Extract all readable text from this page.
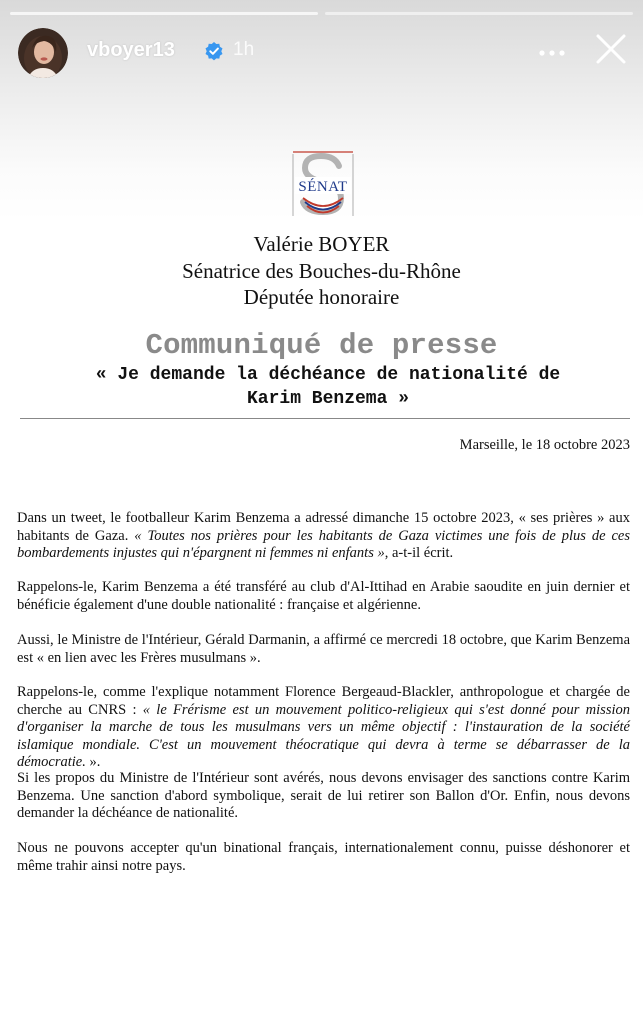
vboyer13	1h
SÉNAT
Valérie BOYER
Sénatrice des Bouches-du-Rhône
Députée honoraire
Communiqué de presse
« Je demande la déchéance de nationalité de
Karim Benzema »
Marseille, le 18 octobre 2023
Dans un tweet, le footballeur Karim Benzema a adressé dimanche 15 octobre 2023, « ses prières » aux habitants de Gaza. « Toutes nos prières pour les habitants de Gaza victimes une fois de plus de ces bombardements injustes qui n'épargnent ni femmes ni enfants », a-t-il écrit.
Rappelons-le, Karim Benzema a été transféré au club d'Al-Ittihad en Arabie saoudite en juin dernier et bénéficie également d'une double nationalité : française et algérienne.
Aussi, le Ministre de l'Intérieur, Gérald Darmanin, a affirmé ce mercredi 18 octobre, que Karim Benzema est « en lien avec les Frères musulmans ».
Rappelons-le, comme l'explique notamment Florence Bergeaud-Blackler, anthropologue et chargée de cherche au CNRS : « le Frérisme est un mouvement politico-religieux qui s'est donné pour mission d'organiser la marche de tous les musulmans vers un même objectif : l'instauration de la société islamique mondiale. C'est un mouvement théocratique qui devra à terme se débarrasser de la démocratie. ».
Si les propos du Ministre de l'Intérieur sont avérés, nous devons envisager des sanctions contre Karim Benzema. Une sanction d'abord symbolique, serait de lui retirer son Ballon d'Or. Enfin, nous devons demander la déchéance de nationalité.
Nous ne pouvons accepter qu'un binational français, internationalement connu, puisse déshonorer et même trahir ainsi notre pays.
